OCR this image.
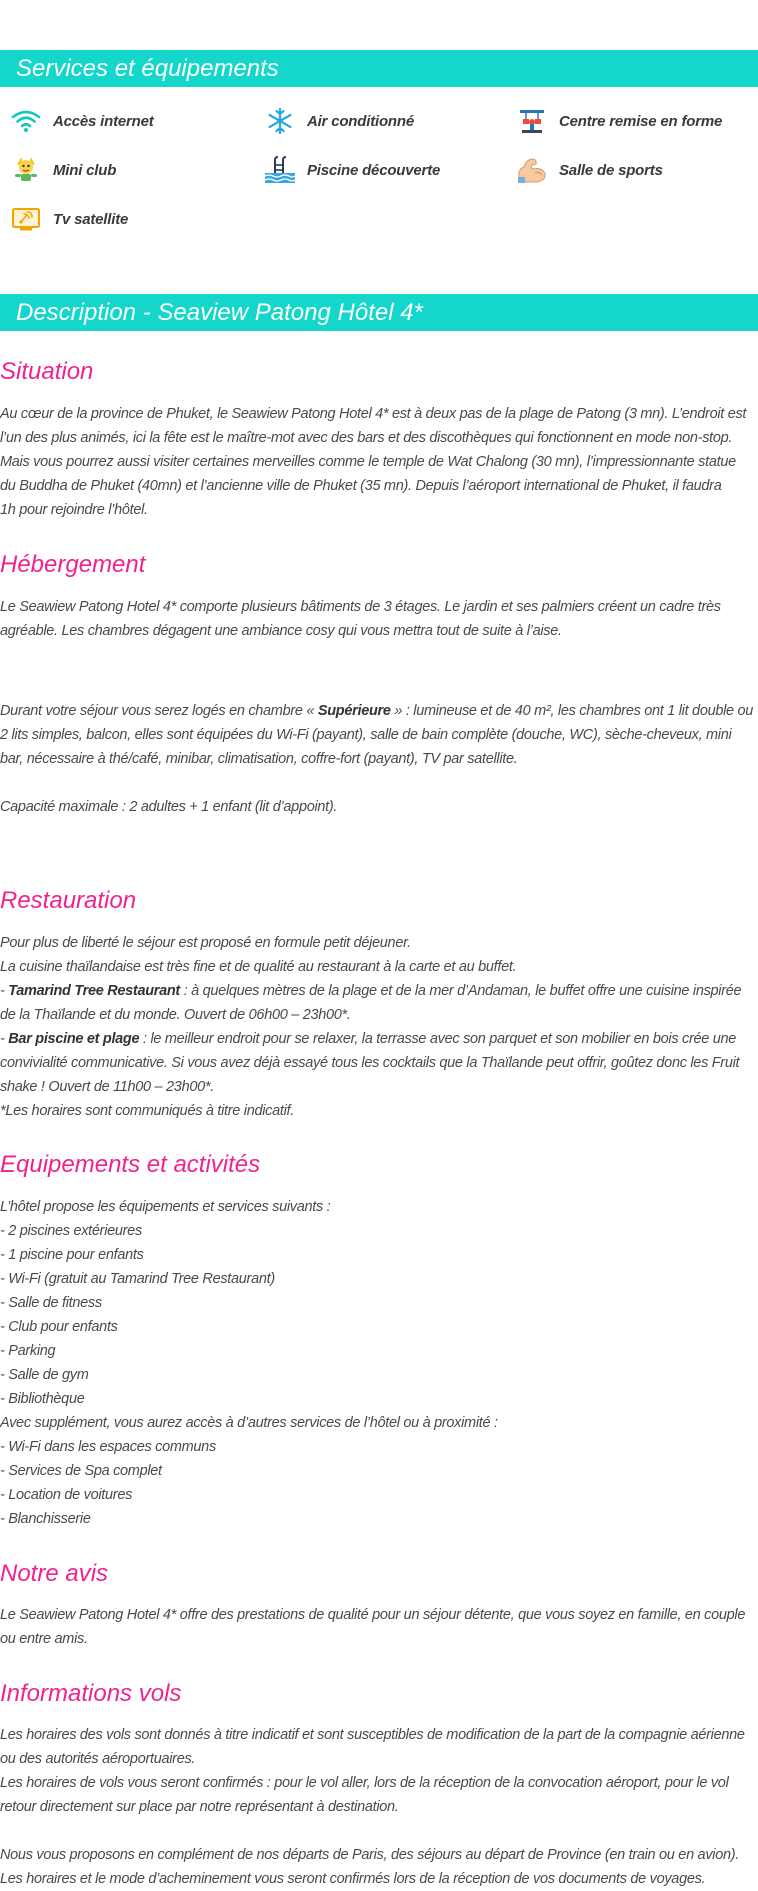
Services et équipements
Accès internet	Air conditionné	Centre remise en forme
Mini club	Piscine découverte	Salle de sports
Tv satellite
Description - Seaview Patong Hôtel 4*
Situation
Au cœur de la province de Phuket, le Seawiew Patong Hotel 4* est à deux pas de la plage de Patong (3 mn). L’endroit est
l’un des plus animés, ici la fête est le maître-mot avec des bars et des discothèques qui fonctionnent en mode non-stop.
Mais vous pourrez aussi visiter certaines merveilles comme le temple de Wat Chalong (30 mn), l’impressionnante statue
du Buddha de Phuket (40mn) et l’ancienne ville de Phuket (35 mn). Depuis l’aéroport international de Phuket, il faudra
1h pour rejoindre l’hôtel.
Hébergement
Le Seawiew Patong Hotel 4* comporte plusieurs bâtiments de 3 étages. Le jardin et ses palmiers créent un cadre très
agréable. Les chambres dégagent une ambiance cosy qui vous mettra tout de suite à l’aise.
Durant votre séjour vous serez logés en chambre « Supérieure » : lumineuse et de 40 m², les chambres ont 1 lit double ou
2 lits simples, balcon, elles sont équipées du Wi-Fi (payant), salle de bain complète (douche, WC), sèche-cheveux, mini
bar, nécessaire à thé/café, minibar, climatisation, coffre-fort (payant), TV par satellite.
Capacité maximale : 2 adultes + 1 enfant (lit d’appoint).
Restauration
Pour plus de liberté le séjour est proposé en formule petit déjeuner.
La cuisine thaïlandaise est très fine et de qualité au restaurant à la carte et au buffet.
- Tamarind Tree Restaurant : à quelques mètres de la plage et de la mer d’Andaman, le buffet offre une cuisine inspirée
de la Thaïlande et du monde. Ouvert de 06h00 – 23h00*.
- Bar piscine et plage : le meilleur endroit pour se relaxer, la terrasse avec son parquet et son mobilier en bois crée une
convivialité communicative. Si vous avez déjà essayé tous les cocktails que la Thaïlande peut offrir, goûtez donc les Fruit
shake ! Ouvert de 11h00 – 23h00*.
*Les horaires sont communiqués à titre indicatif.
Equipements et activités
L’hôtel propose les équipements et services suivants :
- 2 piscines extérieures
- 1 piscine pour enfants
- Wi-Fi (gratuit au Tamarind Tree Restaurant)
- Salle de fitness
- Club pour enfants
- Parking
- Salle de gym
- Bibliothèque
Avec supplément, vous aurez accès à d’autres services de l’hôtel ou à proximité :
- Wi-Fi dans les espaces communs
- Services de Spa complet
- Location de voitures
- Blanchisserie
Notre avis
Le Seawiew Patong Hotel 4* offre des prestations de qualité pour un séjour détente, que vous soyez en famille, en couple
ou entre amis.
Informations vols
Les horaires des vols sont donnés à titre indicatif et sont susceptibles de modification de la part de la compagnie aérienne
ou des autorités aéroportuaires.
Les horaires de vols vous seront confirmés : pour le vol aller, lors de la réception de la convocation aéroport, pour le vol
retour directement sur place par notre représentant à destination.
Nous vous proposons en complément de nos départs de Paris, des séjours au départ de Province (en train ou en avion).
Les horaires et le mode d’acheminement vous seront confirmés lors de la réception de vos documents de voyages.
